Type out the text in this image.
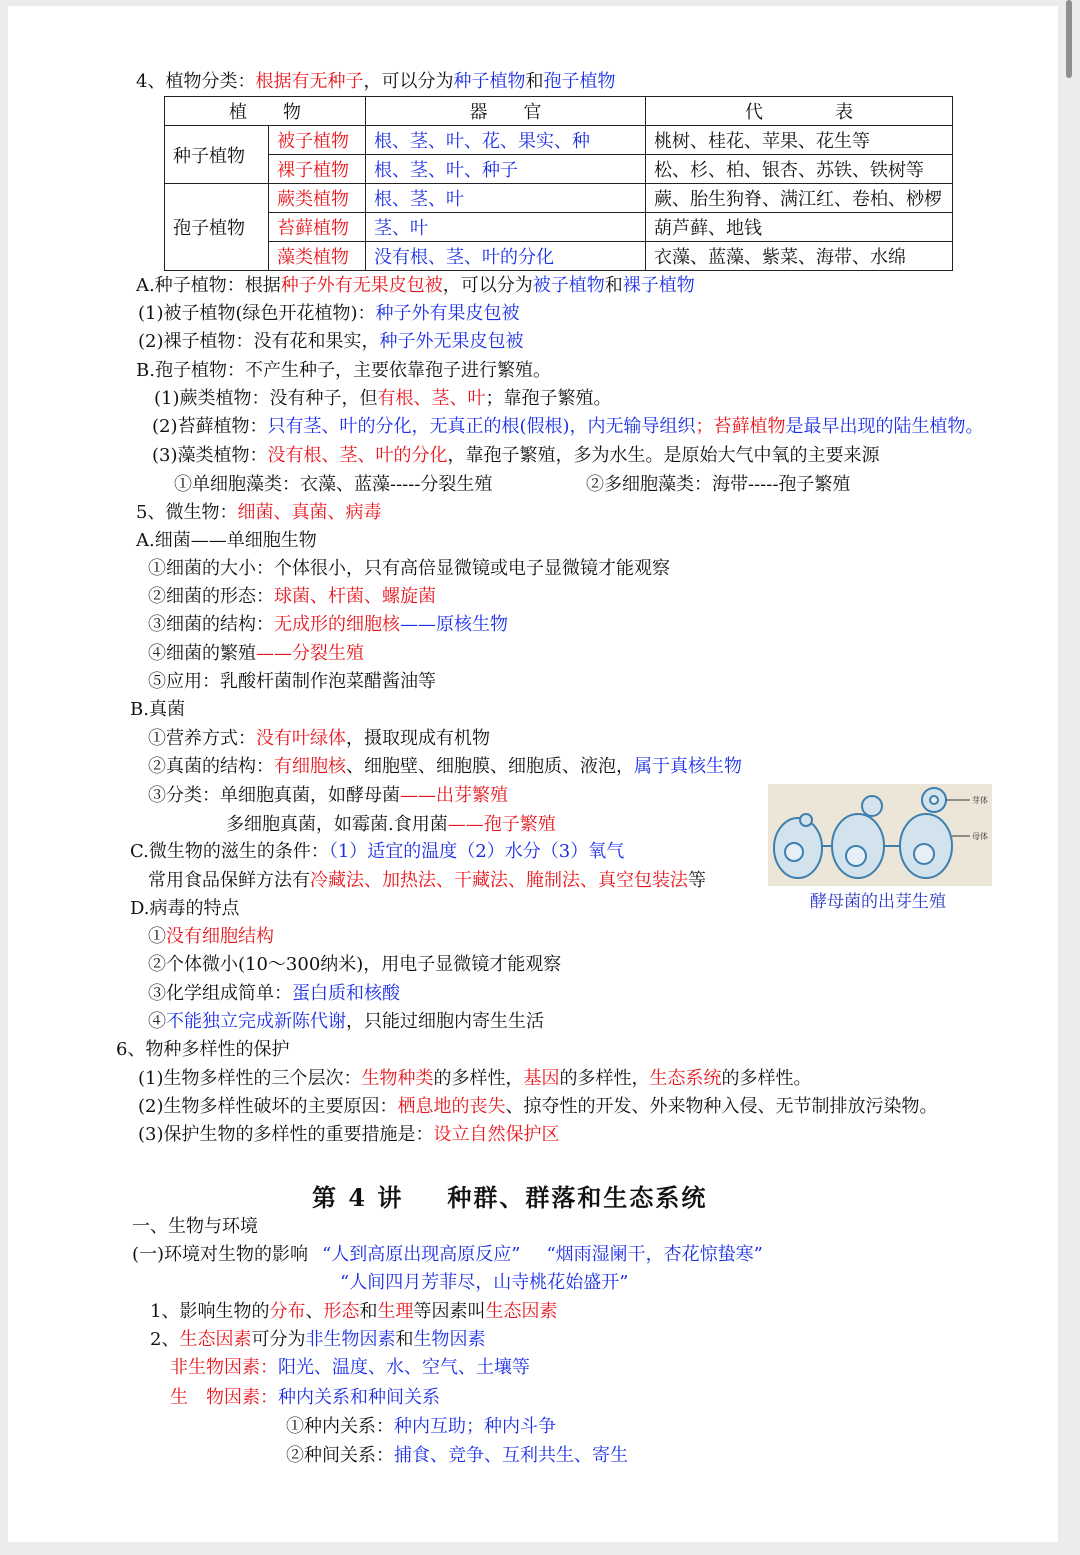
4、植物分类：根据有无种子，可以分为种子植物和孢子植物
植　　物		器　　官	代　　　　表
种子植物	被子植物	根、茎、叶、花、果实、种	桃树、桂花、苹果、花生等
	裸子植物	根、茎、叶、种子	松、杉、柏、银杏、苏铁、铁树等
孢子植物	蕨类植物	根、茎、叶	蕨、胎生狗脊、满江红、卷柏、桫椤
	苔藓植物	茎、叶	葫芦藓、地钱
	藻类植物	没有根、茎、叶的分化	衣藻、蓝藻、紫菜、海带、水绵
A.种子植物：根据种子外有无果皮包被，可以分为被子植物和裸子植物
(1)被子植物(绿色开花植物)：种子外有果皮包被
(2)裸子植物：没有花和果实，种子外无果皮包被
B.孢子植物：不产生种子，主要依靠孢子进行繁殖。
(1)蕨类植物：没有种子，但有根、茎、叶；靠孢子繁殖。
(2)苔藓植物：只有茎、叶的分化，无真正的根(假根)，内无输导组织；苔藓植物是最早出现的陆生植物。
(3)藻类植物：没有根、茎、叶的分化，靠孢子繁殖，多为水生。是原始大气中氧的主要来源
①单细胞藻类：衣藻、蓝藻-----分裂生殖	②多细胞藻类：海带-----孢子繁殖
5、微生物：细菌、真菌、病毒
A.细菌——单细胞生物
①细菌的大小：个体很小，只有高倍显微镜或电子显微镜才能观察
②细菌的形态：球菌、杆菌、螺旋菌
③细菌的结构：无成形的细胞核——原核生物
④细菌的繁殖——分裂生殖
⑤应用：乳酸杆菌制作泡菜醋酱油等
B.真菌
①营养方式：没有叶绿体，摄取现成有机物
②真菌的结构：有细胞核、细胞壁、细胞膜、细胞质、液泡，属于真核生物
③分类：单细胞真菌，如酵母菌——出芽繁殖
多细胞真菌，如霉菌.食用菌——孢子繁殖
芽体
母体
酵母菌的出芽生殖
C.微生物的滋生的条件：（1）适宜的温度（2）水分（3）氧气
常用食品保鲜方法有冷藏法、加热法、干藏法、腌制法、真空包装法等
D.病毒的特点
①没有细胞结构
②个体微小(10～300纳米)，用电子显微镜才能观察
③化学组成简单：蛋白质和核酸
④不能独立完成新陈代谢，只能过细胞内寄生生活
6、物种多样性的保护
(1)生物多样性的三个层次：生物种类的多样性，基因的多样性，生态系统的多样性。
(2)生物多样性破坏的主要原因：栖息地的丧失、掠夺性的开发、外来物种入侵、无节制排放污染物。
(3)保护生物的多样性的重要措施是：设立自然保护区
第 4 讲 种群、群落和生态系统
一、生物与环境
(一)环境对生物的影响 “人到高原出现高原反应” “烟雨湿阑干，杏花惊蛰寒”
“人间四月芳菲尽，山寺桃花始盛开”
1、影响生物的分布、形态和生理等因素叫生态因素
2、生态因素可分为非生物因素和生物因素
非生物因素：阳光、温度、水、空气、土壤等
生　物因素：种内关系和种间关系
①种内关系：种内互助；种内斗争
②种间关系：捕食、竞争、互利共生、寄生
